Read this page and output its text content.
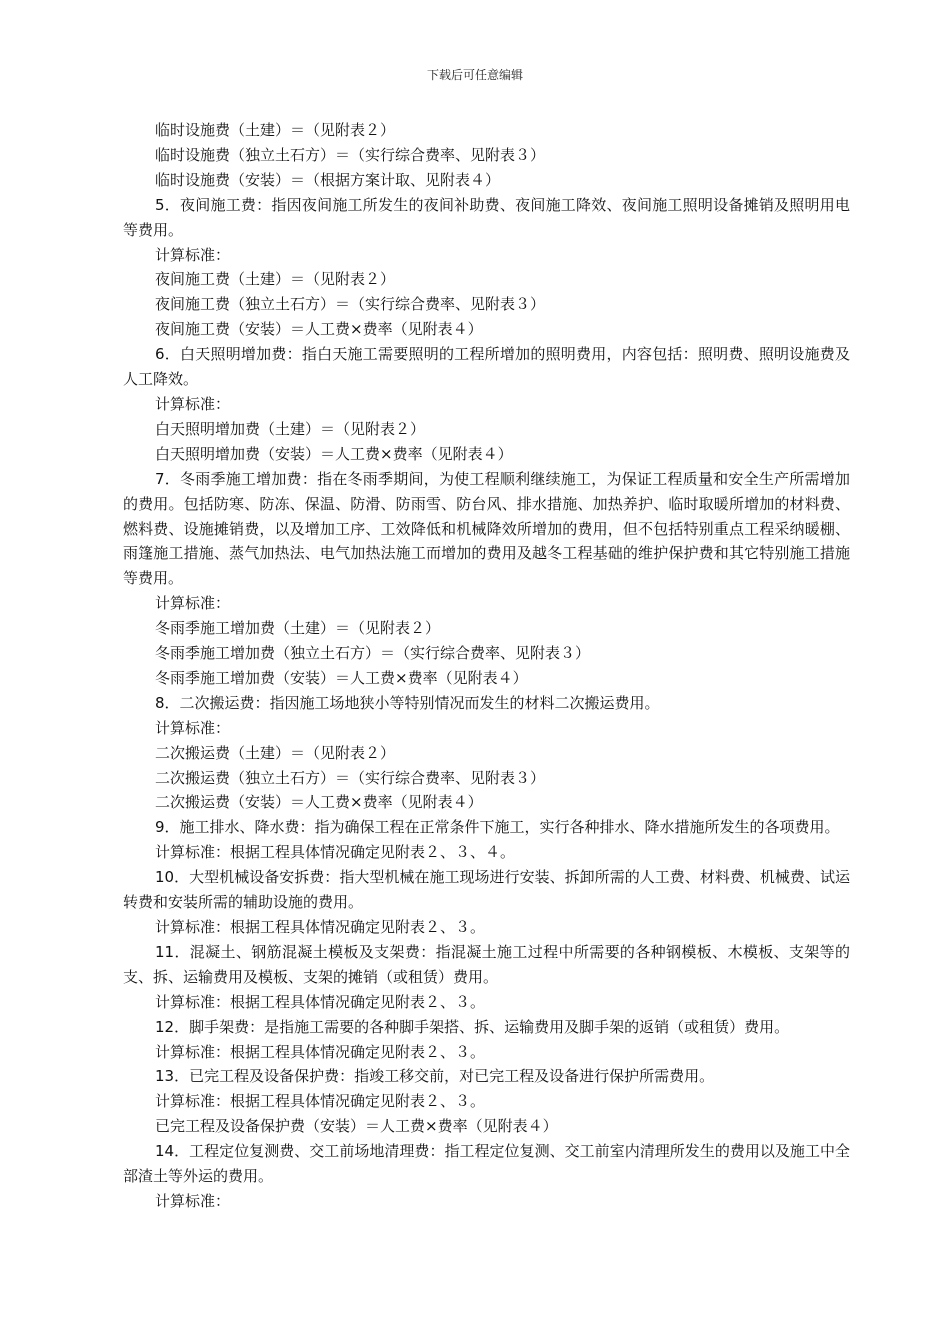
下载后可任意编辑
临时设施费（土建）＝（见附表２）
临时设施费（独立土石方）＝（实行综合费率、见附表３）
临时设施费（安装）＝（根据方案计取、见附表４）
5．夜间施工费：指因夜间施工所发生的夜间补助费、夜间施工降效、夜间施工照明设备摊销及照明用电等费用。
计算标准：
夜间施工费（土建）＝（见附表２）
夜间施工费（独立土石方）＝（实行综合费率、见附表３）
夜间施工费（安装）＝人工费×费率（见附表４）
6．白天照明增加费：指白天施工需要照明的工程所增加的照明费用，内容包括：照明费、照明设施费及人工降效。
计算标准：
白天照明增加费（土建）＝（见附表２）
白天照明增加费（安装）＝人工费×费率（见附表４）
7．冬雨季施工增加费：指在冬雨季期间，为使工程顺利继续施工，为保证工程质量和安全生产所需增加的费用。包括防寒、防冻、保温、防滑、防雨雪、防台风、排水措施、加热养护、临时取暖所增加的材料费、燃料费、设施摊销费，以及增加工序、工效降低和机械降效所增加的费用，但不包括特别重点工程采纳暖棚、雨篷施工措施、蒸气加热法、电气加热法施工而增加的费用及越冬工程基础的维护保护费和其它特别施工措施等费用。
计算标准：
冬雨季施工增加费（土建）＝（见附表２）
冬雨季施工增加费（独立土石方）＝（实行综合费率、见附表３）
冬雨季施工增加费（安装）＝人工费×费率（见附表４）
8．二次搬运费：指因施工场地狭小等特别情况而发生的材料二次搬运费用。
计算标准：
二次搬运费（土建）＝（见附表２）
二次搬运费（独立土石方）＝（实行综合费率、见附表３）
二次搬运费（安装）＝人工费×费率（见附表４）
9．施工排水、降水费：指为确保工程在正常条件下施工，实行各种排水、降水措施所发生的各项费用。
计算标准：根据工程具体情况确定见附表２、３、４。
10．大型机械设备安拆费：指大型机械在施工现场进行安装、拆卸所需的人工费、材料费、机械费、试运转费和安装所需的辅助设施的费用。
计算标准：根据工程具体情况确定见附表２、３。
11．混凝土、钢筋混凝土模板及支架费：指混凝土施工过程中所需要的各种钢模板、木模板、支架等的支、拆、运输费用及模板、支架的摊销（或租赁）费用。
计算标准：根据工程具体情况确定见附表２、３。
12．脚手架费：是指施工需要的各种脚手架搭、拆、运输费用及脚手架的返销（或租赁）费用。
计算标准：根据工程具体情况确定见附表２、３。
13．已完工程及设备保护费：指竣工移交前，对已完工程及设备进行保护所需费用。
计算标准：根据工程具体情况确定见附表２、３。
已完工程及设备保护费（安装）＝人工费×费率（见附表４）
14．工程定位复测费、交工前场地清理费：指工程定位复测、交工前室内清理所发生的费用以及施工中全部渣土等外运的费用。
计算标准：
